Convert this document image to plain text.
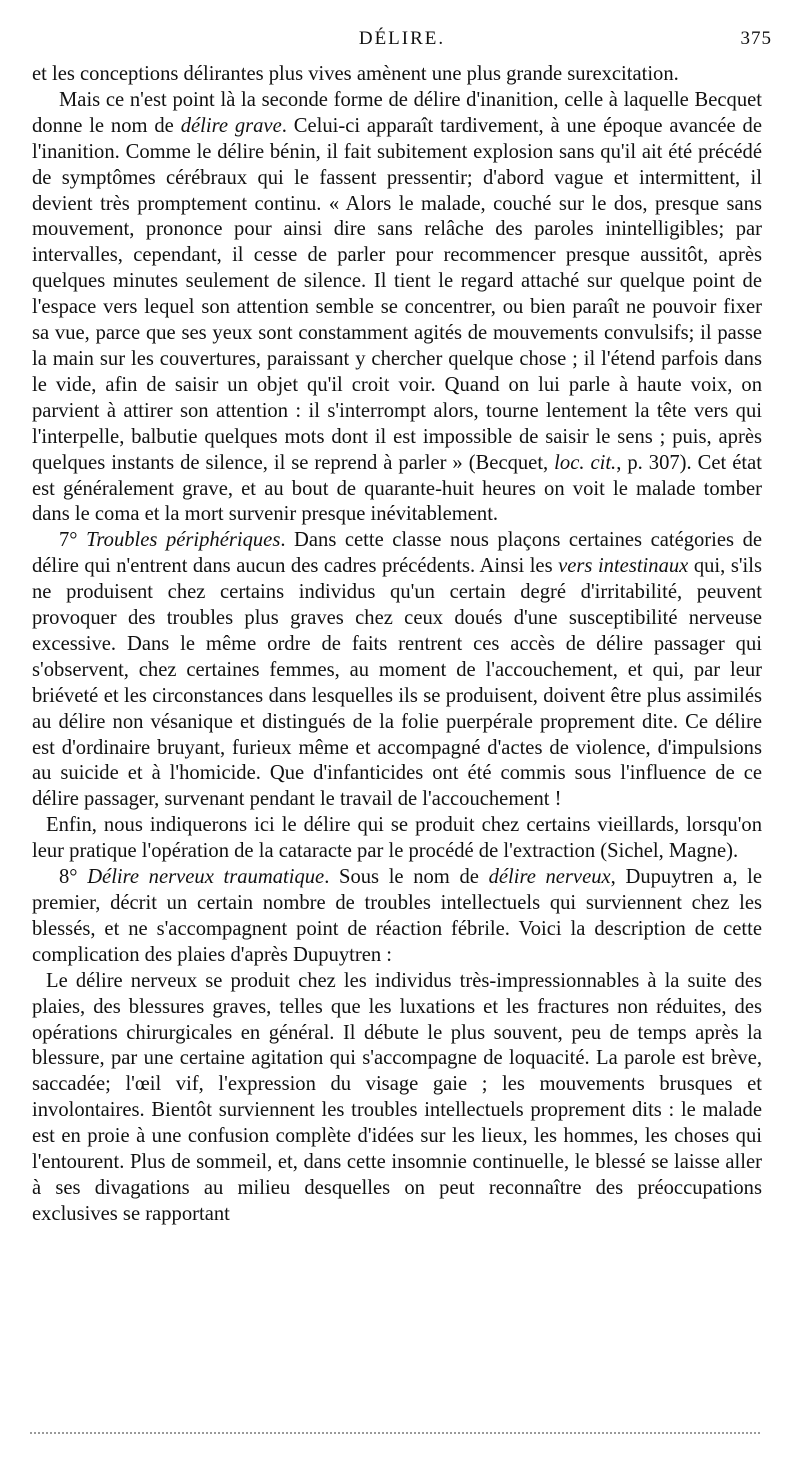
DÉLIRE.	375

et les conceptions délirantes plus vives amènent une plus grande surexcitation.

Mais ce n'est point là la seconde forme de délire d'inanition, celle à laquelle Becquet donne le nom de délire grave. Celui-ci apparaît tardivement, à une époque avancée de l'inanition. Comme le délire bénin, il fait subitement explosion sans qu'il ait été précédé de symptômes cérébraux qui le fassent pressentir; d'abord vague et intermittent, il devient très promptement continu. « Alors le malade, couché sur le dos, presque sans mouvement, prononce pour ainsi dire sans relâche des paroles inintelligibles; par intervalles, cependant, il cesse de parler pour recommencer presque aussitôt, après quelques minutes seulement de silence. Il tient le regard attaché sur quelque point de l'espace vers lequel son attention semble se concentrer, ou bien paraît ne pouvoir fixer sa vue, parce que ses yeux sont constamment agités de mouvements convulsifs; il passe la main sur les couvertures, paraissant y chercher quelque chose ; il l'étend parfois dans le vide, afin de saisir un objet qu'il croit voir. Quand on lui parle à haute voix, on parvient à attirer son attention : il s'interrompt alors, tourne lentement la tête vers qui l'interpelle, balbutie quelques mots dont il est impossible de saisir le sens ; puis, après quelques instants de silence, il se reprend à parler » (Becquet, loc. cit., p. 307). Cet état est généralement grave, et au bout de quarante-huit heures on voit le malade tomber dans le coma et la mort survenir presque inévitablement.

7° Troubles périphériques. Dans cette classe nous plaçons certaines catégories de délire qui n'entrent dans aucun des cadres précédents. Ainsi les vers intestinaux qui, s'ils ne produisent chez certains individus qu'un certain degré d'irritabilité, peuvent provoquer des troubles plus graves chez ceux doués d'une susceptibilité nerveuse excessive. Dans le même ordre de faits rentrent ces accès de délire passager qui s'observent, chez certaines femmes, au moment de l'accouchement, et qui, par leur briéveté et les circonstances dans lesquelles ils se produisent, doivent être plus assimilés au délire non vésanique et distingués de la folie puerpérale proprement dite. Ce délire est d'ordinaire bruyant, furieux même et accompagné d'actes de violence, d'impulsions au suicide et à l'homicide. Que d'infanticides ont été commis sous l'influence de ce délire passager, survenant pendant le travail de l'accouchement !

Enfin, nous indiquerons ici le délire qui se produit chez certains vieillards, lorsqu'on leur pratique l'opération de la cataracte par le procédé de l'extraction (Sichel, Magne).

8° Délire nerveux traumatique. Sous le nom de délire nerveux, Dupuytren a, le premier, décrit un certain nombre de troubles intellectuels qui surviennent chez les blessés, et ne s'accompagnent point de réaction fébrile. Voici la description de cette complication des plaies d'après Dupuytren :

Le délire nerveux se produit chez les individus très-impressionnables à la suite des plaies, des blessures graves, telles que les luxations et les fractures non réduites, des opérations chirurgicales en général. Il débute le plus souvent, peu de temps après la blessure, par une certaine agitation qui s'accompagne de loquacité. La parole est brève, saccadée; l'œil vif, l'expression du visage gaie ; les mouvements brusques et involontaires. Bientôt surviennent les troubles intellectuels proprement dits : le malade est en proie à une confusion complète d'idées sur les lieux, les hommes, les choses qui l'entourent. Plus de sommeil, et, dans cette insomnie continuelle, le blessé se laisse aller à ses divagations au milieu desquelles on peut reconnaître des préoccupations exclusives se rapportant
